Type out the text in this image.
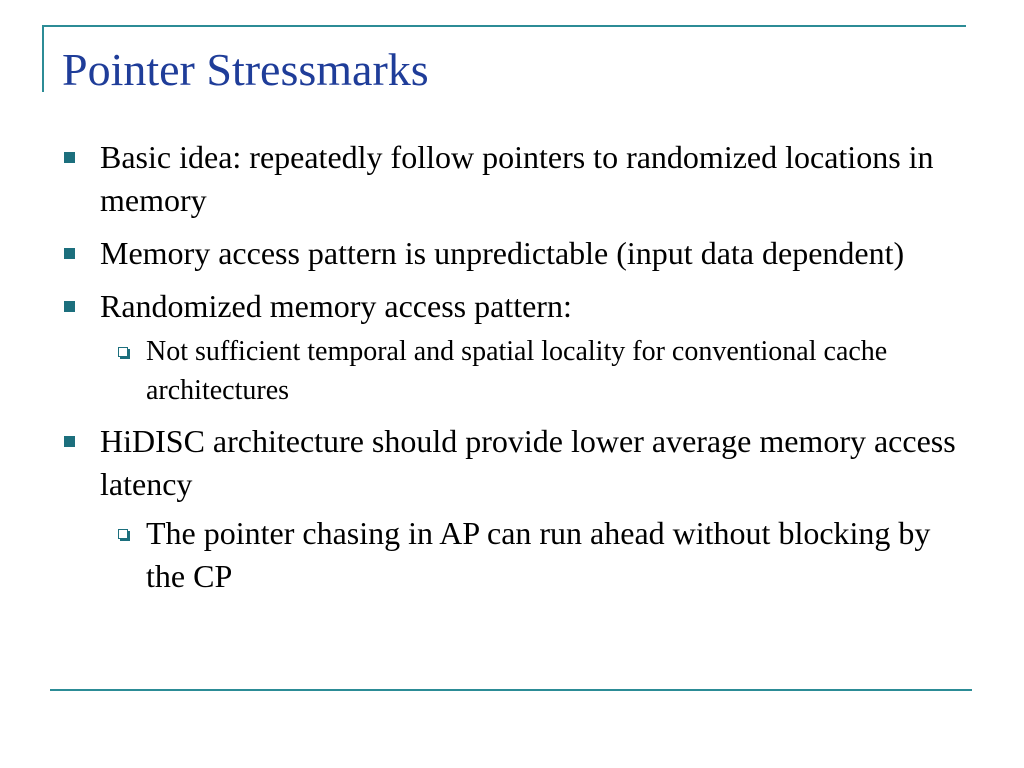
Pointer Stressmarks
Basic idea: repeatedly follow pointers to randomized locations in memory
Memory access pattern is unpredictable (input data dependent)
Randomized memory access pattern:
Not sufficient temporal and spatial locality for conventional cache architectures
HiDISC architecture should provide lower average memory access latency
The pointer chasing in AP can run ahead without blocking by the CP
